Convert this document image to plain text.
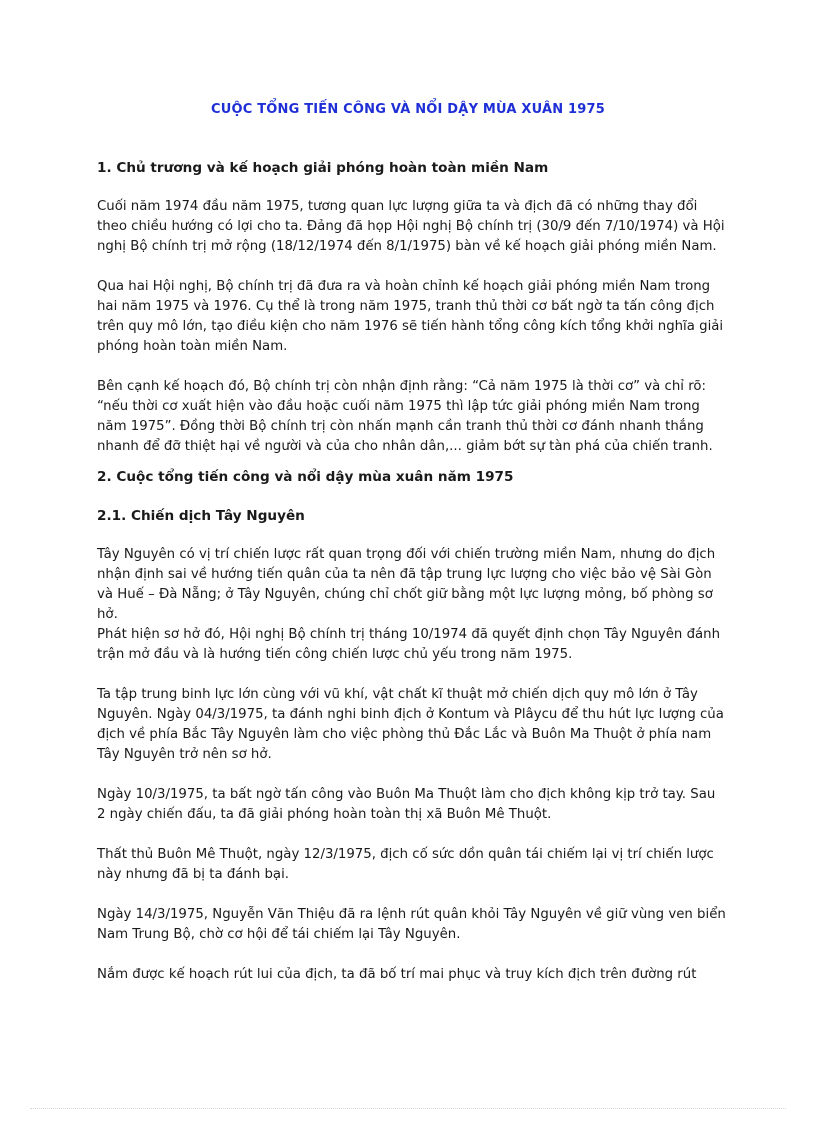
CUỘC TỔNG TIẾN CÔNG VÀ NỔI DẬY MÙA XUÂN 1975
1. Chủ trương và kế hoạch giải phóng hoàn toàn miền Nam

Cuối năm 1974 đầu năm 1975, tương quan lực lượng giữa ta và địch đã có những thay đổi theo chiều hướng có lợi cho ta. Đảng đã họp Hội nghị Bộ chính trị (30/9 đến 7/10/1974) và Hội nghị Bộ chính trị mở rộng (18/12/1974 đến 8/1/1975) bàn về kế hoạch giải phóng miền Nam.

Qua hai Hội nghị, Bộ chính trị đã đưa ra và hoàn chỉnh kế hoạch giải phóng miền Nam trong hai năm 1975 và 1976. Cụ thể là trong năm 1975, tranh thủ thời cơ bất ngờ ta tấn công địch trên quy mô lớn, tạo điều kiện cho năm 1976 sẽ tiến hành tổng công kích tổng khởi nghĩa giải phóng hoàn toàn miền Nam.

Bên cạnh kế hoạch đó, Bộ chính trị còn nhận định rằng: “Cả năm 1975 là thời cơ” và chỉ rõ: “nếu thời cơ xuất hiện vào đầu hoặc cuối năm 1975 thì lập tức giải phóng miền Nam trong năm 1975”. Đồng thời Bộ chính trị còn nhấn mạnh cần tranh thủ thời cơ đánh nhanh thắng nhanh để đỡ thiệt hại về người và của cho nhân dân,... giảm bớt sự tàn phá của chiến tranh.

2. Cuộc tổng tiến công và nổi dậy mùa xuân năm 1975
2.1. Chiến dịch Tây Nguyên

Tây Nguyên có vị trí chiến lược rất quan trọng đối với chiến trường miền Nam, nhưng do địch nhận định sai về hướng tiến quân của ta nên đã tập trung lực lượng cho việc bảo vệ Sài Gòn và Huế – Đà Nẵng; ở Tây Nguyên, chúng chỉ chốt giữ bằng một lực lượng mỏng, bố phòng sơ hở.

Phát hiện sơ hở đó, Hội nghị Bộ chính trị tháng 10/1974 đã quyết định chọn Tây Nguyên đánh trận mở đầu và là hướng tiến công chiến lược chủ yếu trong năm 1975.

Ta tập trung binh lực lớn cùng với vũ khí, vật chất kĩ thuật mở chiến dịch quy mô lớn ở Tây Nguyên. Ngày 04/3/1975, ta đánh nghi binh địch ở Kontum và Plâycu để thu hút lực lượng của địch về phía Bắc Tây Nguyên làm cho việc phòng thủ Đắc Lắc và Buôn Ma Thuột ở phía nam Tây Nguyên trở nên sơ hở.

Ngày 10/3/1975, ta bất ngờ tấn công vào Buôn Ma Thuột làm cho địch không kịp trở tay. Sau 2 ngày chiến đấu, ta đã giải phóng hoàn toàn thị xã Buôn Mê Thuột.

Thất thủ Buôn Mê Thuột, ngày 12/3/1975, địch cố sức dồn quân tái chiếm lại vị trí chiến lược này nhưng đã bị ta đánh bại.

Ngày 14/3/1975, Nguyễn Văn Thiệu đã ra lệnh rút quân khỏi Tây Nguyên về giữ vùng ven biển Nam Trung Bộ, chờ cơ hội để tái chiếm lại Tây Nguyên.

Nắm được kế hoạch rút lui của địch, ta đã bố trí mai phục và truy kích địch trên đường rút
